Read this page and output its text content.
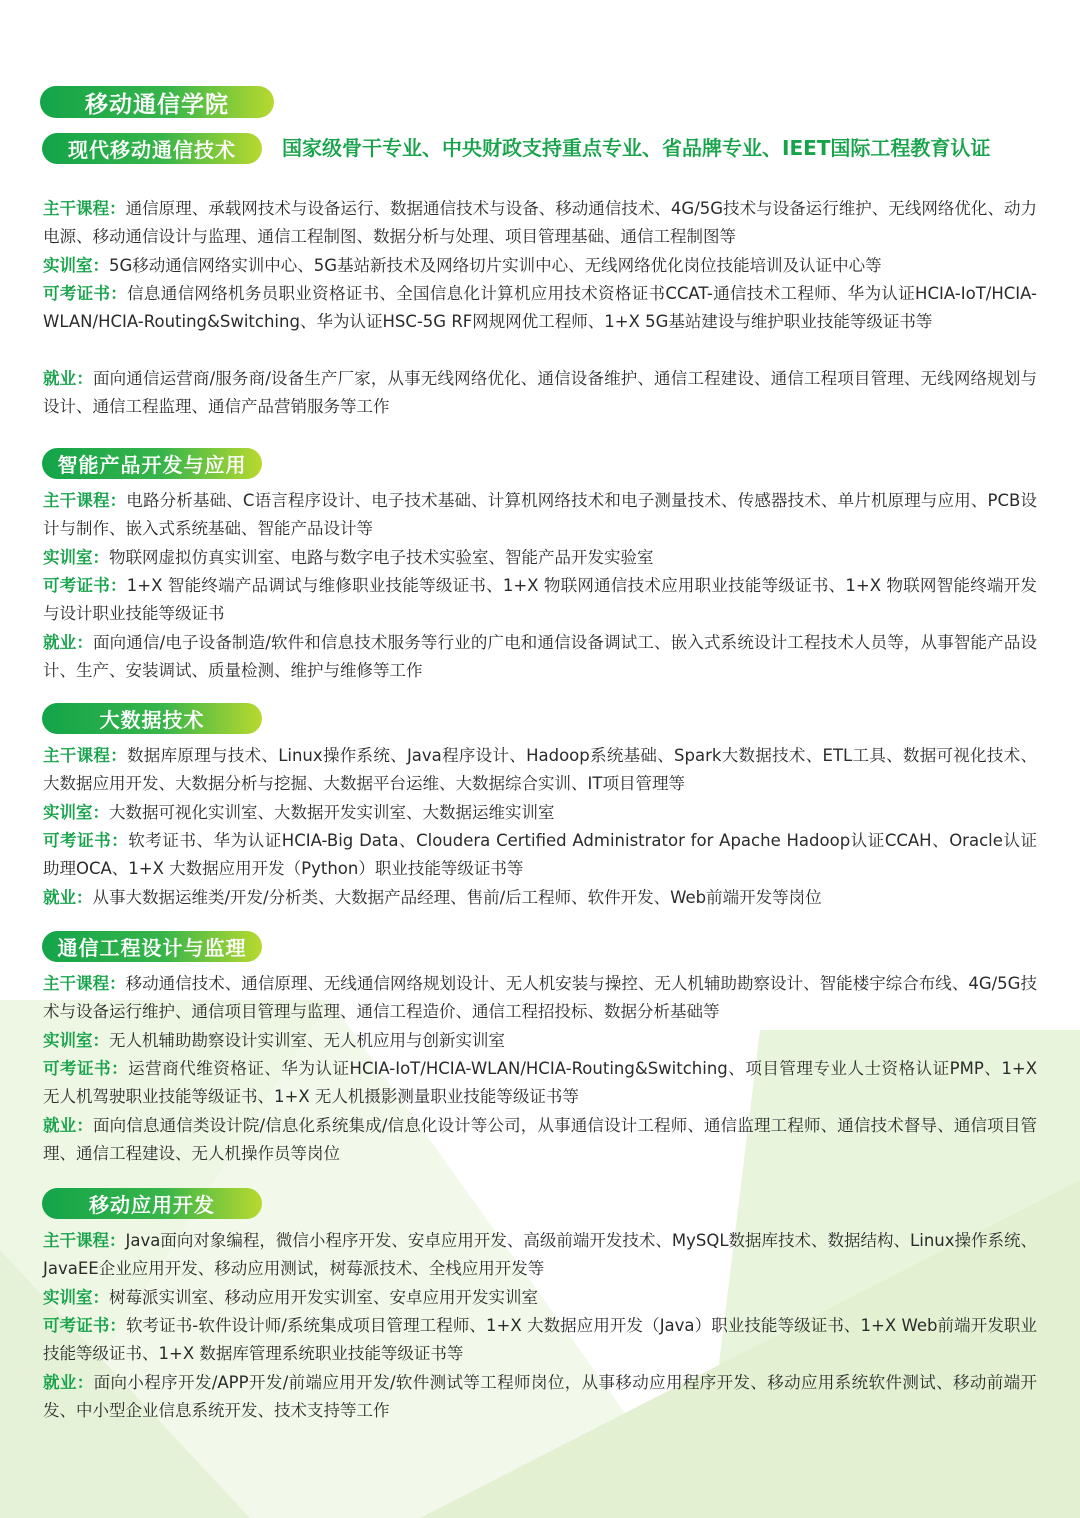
移动通信学院
现代移动通信技术	国家级骨干专业、中央财政支持重点专业、省品牌专业、IEET国际工程教育认证
主干课程：通信原理、承载网技术与设备运行、数据通信技术与设备、移动通信技术、4G/5G技术与设备运行维护、无线网络优化、动力电源、移动通信设计与监理、通信工程制图、数据分析与处理、项目管理基础、通信工程制图等
实训室：5G移动通信网络实训中心、5G基站新技术及网络切片实训中心、无线网络优化岗位技能培训及认证中心等
可考证书：信息通信网络机务员职业资格证书、全国信息化计算机应用技术资格证书CCAT-通信技术工程师、华为认证HCIA-IoT/HCIA-WLAN/HCIA-Routing&Switching、华为认证HSC-5G RF网规网优工程师、1+X 5G基站建设与维护职业技能等级证书等
就业：面向通信运营商/服务商/设备生产厂家，从事无线网络优化、通信设备维护、通信工程建设、通信工程项目管理、无线网络规划与设计、通信工程监理、通信产品营销服务等工作
智能产品开发与应用
主干课程：电路分析基础、C语言程序设计、电子技术基础、计算机网络技术和电子测量技术、传感器技术、单片机原理与应用、PCB设计与制作、嵌入式系统基础、智能产品设计等
实训室：物联网虚拟仿真实训室、电路与数字电子技术实验室、智能产品开发实验室
可考证书：1+X 智能终端产品调试与维修职业技能等级证书、1+X 物联网通信技术应用职业技能等级证书、1+X 物联网智能终端开发与设计职业技能等级证书
就业：面向通信/电子设备制造/软件和信息技术服务等行业的广电和通信设备调试工、嵌入式系统设计工程技术人员等，从事智能产品设计、生产、安装调试、质量检测、维护与维修等工作
大数据技术
主干课程：数据库原理与技术、Linux操作系统、Java程序设计、Hadoop系统基础、Spark大数据技术、ETL工具、数据可视化技术、大数据应用开发、大数据分析与挖掘、大数据平台运维、大数据综合实训、IT项目管理等
实训室：大数据可视化实训室、大数据开发实训室、大数据运维实训室
可考证书：软考证书、华为认证HCIA-Big Data、Cloudera Certified Administrator for Apache Hadoop认证CCAH、Oracle认证助理OCA、1+X 大数据应用开发（Python）职业技能等级证书等
就业：从事大数据运维类/开发/分析类、大数据产品经理、售前/后工程师、软件开发、Web前端开发等岗位
通信工程设计与监理
主干课程：移动通信技术、通信原理、无线通信网络规划设计、无人机安装与操控、无人机辅助勘察设计、智能楼宇综合布线、4G/5G技术与设备运行维护、通信项目管理与监理、通信工程造价、通信工程招投标、数据分析基础等
实训室：无人机辅助勘察设计实训室、无人机应用与创新实训室
可考证书：运营商代维资格证、华为认证HCIA-IoT/HCIA-WLAN/HCIA-Routing&Switching、项目管理专业人士资格认证PMP、1+X 无人机驾驶职业技能等级证书、1+X 无人机摄影测量职业技能等级证书等
就业：面向信息通信类设计院/信息化系统集成/信息化设计等公司，从事通信设计工程师、通信监理工程师、通信技术督导、通信项目管理、通信工程建设、无人机操作员等岗位
移动应用开发
主干课程：Java面向对象编程，微信小程序开发、安卓应用开发、高级前端开发技术、MySQL数据库技术、数据结构、Linux操作系统、JavaEE企业应用开发、移动应用测试，树莓派技术、全栈应用开发等
实训室：树莓派实训室、移动应用开发实训室、安卓应用开发实训室
可考证书：软考证书-软件设计师/系统集成项目管理工程师、1+X 大数据应用开发（Java）职业技能等级证书、1+X Web前端开发职业技能等级证书、1+X 数据库管理系统职业技能等级证书等
就业：面向小程序开发/APP开发/前端应用开发/软件测试等工程师岗位，从事移动应用程序开发、移动应用系统软件测试、移动前端开发、中小型企业信息系统开发、技术支持等工作
